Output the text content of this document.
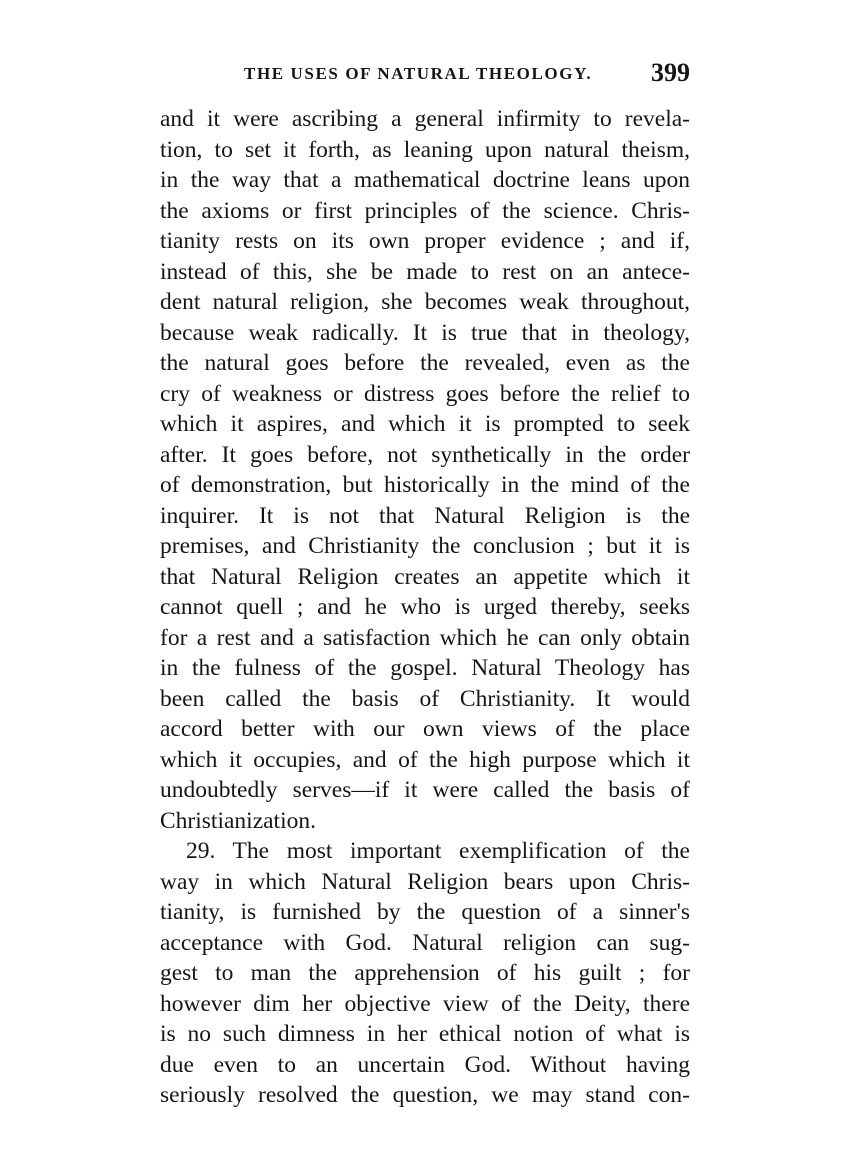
THE USES OF NATURAL THEOLOGY. 399
and it were ascribing a general infirmity to revela-
tion, to set it forth, as leaning upon natural theism,
in the way that a mathematical doctrine leans upon
the axioms or first principles of the science. Chris-
tianity rests on its own proper evidence ; and if,
instead of this, she be made to rest on an antece-
dent natural religion, she becomes weak throughout,
because weak radically. It is true that in theology,
the natural goes before the revealed, even as the
cry of weakness or distress goes before the relief to
which it aspires, and which it is prompted to seek
after. It goes before, not synthetically in the order
of demonstration, but historically in the mind of the
inquirer. It is not that Natural Religion is the
premises, and Christianity the conclusion ; but it is
that Natural Religion creates an appetite which it
cannot quell ; and he who is urged thereby, seeks
for a rest and a satisfaction which he can only obtain
in the fulness of the gospel. Natural Theology has
been called the basis of Christianity. It would
accord better with our own views of the place
which it occupies, and of the high purpose which it
undoubtedly serves—if it were called the basis of
Christianization.
29. The most important exemplification of the
way in which Natural Religion bears upon Chris-
tianity, is furnished by the question of a sinner's
acceptance with God. Natural religion can sug-
gest to man the apprehension of his guilt ; for
however dim her objective view of the Deity, there
is no such dimness in her ethical notion of what is
due even to an uncertain God. Without having
seriously resolved the question, we may stand con-
